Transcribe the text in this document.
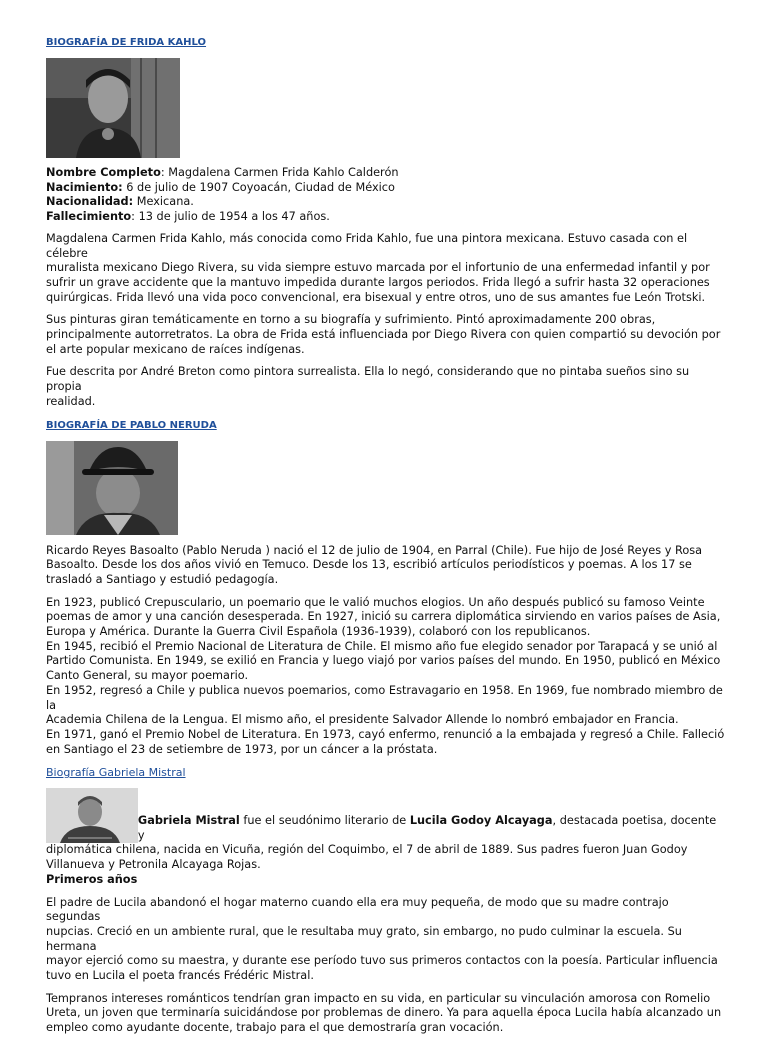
BIOGRAFÍA DE FRIDA KAHLO
Nombre Completo: Magdalena Carmen Frida Kahlo Calderón
Nacimiento: 6 de julio de 1907 Coyoacán, Ciudad de México
Nacionalidad: Mexicana.
Fallecimiento: 13 de julio de 1954 a los 47 años.

Magdalena Carmen Frida Kahlo, más conocida como Frida Kahlo, fue una pintora mexicana. Estuvo casada con el célebre
muralista mexicano Diego Rivera, su vida siempre estuvo marcada por el infortunio de una enfermedad infantil y por
sufrir un grave accidente que la mantuvo impedida durante largos periodos. Frida llegó a sufrir hasta 32 operaciones
quirúrgicas. Frida llevó una vida poco convencional, era bisexual y entre otros, uno de sus amantes fue León Trotski.

Sus pinturas giran temáticamente en torno a su biografía y sufrimiento. Pintó aproximadamente 200 obras,
principalmente autorretratos. La obra de Frida está influenciada por Diego Rivera con quien compartió su devoción por
el arte popular mexicano de raíces indígenas.

Fue descrita por André Breton como pintora surrealista. Ella lo negó, considerando que no pintaba sueños sino su propia
realidad.

BIOGRAFÍA DE PABLO NERUDA

Ricardo Reyes Basoalto (Pablo Neruda ) nació el 12 de julio de 1904, en Parral (Chile). Fue hijo de José Reyes y Rosa
Basoalto. Desde los dos años vivió en Temuco. Desde los 13, escribió artículos periodísticos y poemas. A los 17 se
trasladó a Santiago y estudió pedagogía.

En 1923, publicó Crepusculario, un poemario que le valió muchos elogios. Un año después publicó su famoso Veinte
poemas de amor y una canción desesperada. En 1927, inició su carrera diplomática sirviendo en varios países de Asia,
Europa y América. Durante la Guerra Civil Española (1936-1939), colaboró con los republicanos.
En 1945, recibió el Premio Nacional de Literatura de Chile. El mismo año fue elegido senador por Tarapacá y se unió al
Partido Comunista. En 1949, se exilió en Francia y luego viajó por varios países del mundo. En 1950, publicó en México
Canto General, su mayor poemario.
En 1952, regresó a Chile y publica nuevos poemarios, como Estravagario en 1958. En 1969, fue nombrado miembro de la
Academia Chilena de la Lengua. El mismo año, el presidente Salvador Allende lo nombró embajador en Francia.
En 1971, ganó el Premio Nobel de Literatura. En 1973, cayó enfermo, renunció a la embajada y regresó a Chile. Falleció
en Santiago el 23 de setiembre de 1973, por un cáncer a la próstata.

Biografía Gabriela Mistral
Gabriela Mistral fue el seudónimo literario de Lucila Godoy Alcayaga, destacada poetisa, docente y
diplomática chilena, nacida en Vicuña, región del Coquimbo, el 7 de abril de 1889. Sus padres fueron Juan Godoy
Villanueva y Petronila Alcayaga Rojas.
Primeros años

El padre de Lucila abandonó el hogar materno cuando ella era muy pequeña, de modo que su madre contrajo segundas
nupcias. Creció en un ambiente rural, que le resultaba muy grato, sin embargo, no pudo culminar la escuela. Su hermana
mayor ejerció como su maestra, y durante ese período tuvo sus primeros contactos con la poesía. Particular influencia
tuvo en Lucila el poeta francés Frédéric Mistral.

Tempranos intereses románticos tendrían gran impacto en su vida, en particular su vinculación amorosa con Romelio
Ureta, un joven que terminaría suicidándose por problemas de dinero. Ya para aquella época Lucila había alcanzado un
empleo como ayudante docente, trabajo para el que demostraría gran vocación.
